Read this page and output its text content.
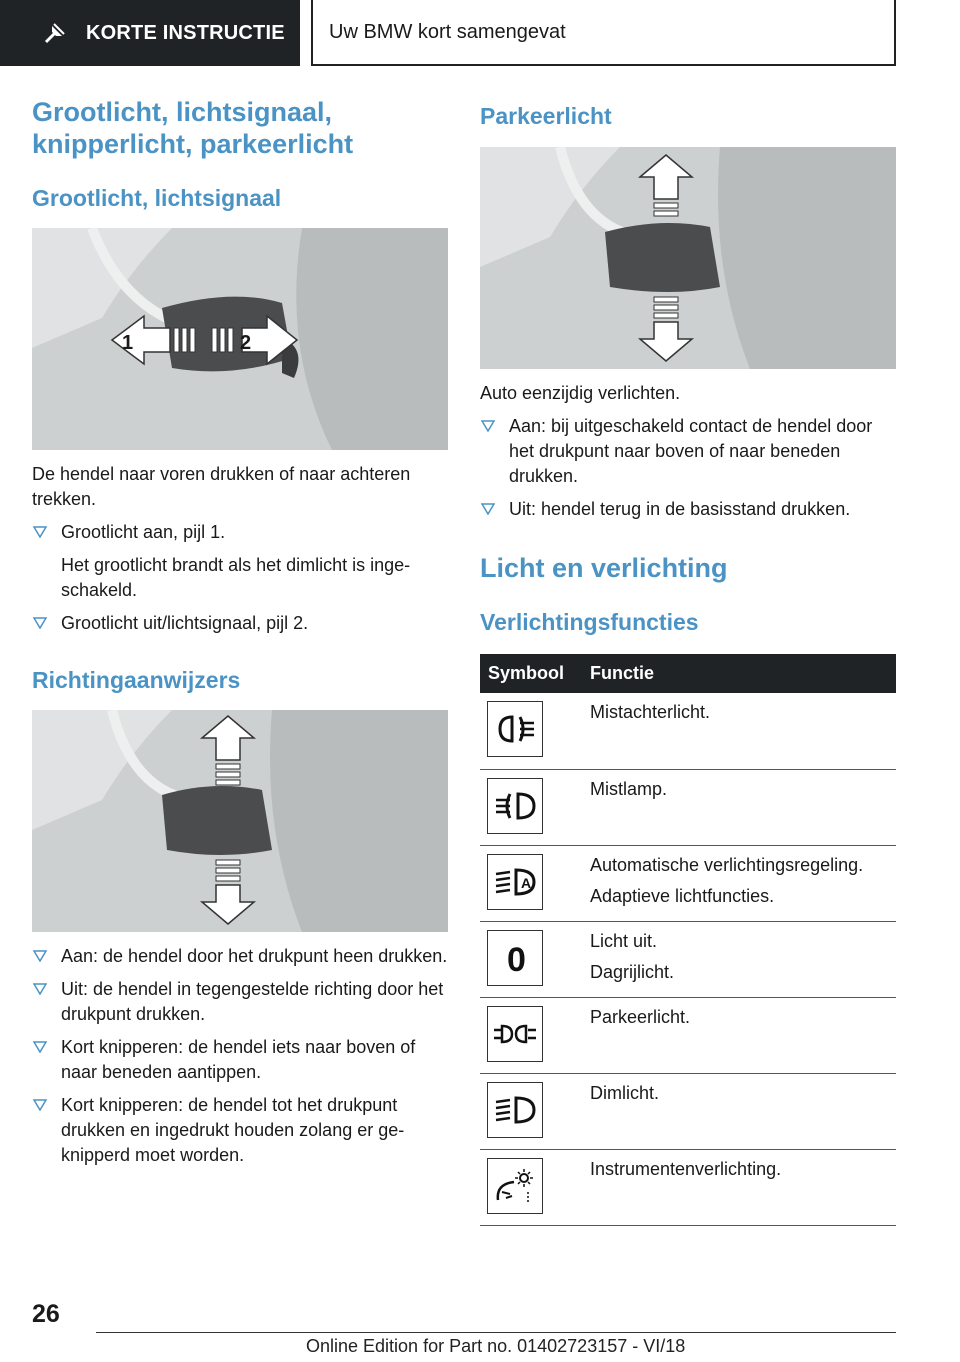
KORTE INSTRUCTIE	Uw BMW kort samengevat
Grootlicht, lichtsignaal, knipperlicht, parkeerlicht
Grootlicht, lichtsignaal
1	2

De hendel naar voren drukken of naar achteren trekken.

Grootlicht aan, pijl 1.
Het grootlicht brandt als het dimlicht is ingeschakeld.
Grootlicht uit/lichtsignaal, pijl 2.
Richtingaanwijzers
Aan: de hendel door het drukpunt heen drukken.
Uit: de hendel in tegengestelde richting door het drukpunt drukken.
Kort knipperen: de hendel iets naar boven of naar beneden aantippen.
Kort knipperen: de hendel tot het drukpunt drukken en ingedrukt houden zolang er geknipperd moet worden.
Parkeerlicht

Auto eenzijdig verlichten.

Aan: bij uitgeschakeld contact de hendel door het drukpunt naar boven of naar beneden drukken.
Uit: hendel terug in de basisstand drukken.
Licht en verlichting
Verlichtingsfuncties
Symbool	Functie

Mistachterlicht.

Mistlamp.

A	Automatische verlichtingsregeling.
Adaptieve lichtfuncties.

0	Licht uit.
Dagrijlicht.

Parkeerlicht.

Dimlicht.

Instrumentenverlichting.
26
Online Edition for Part no. 01402723157 - VI/18
